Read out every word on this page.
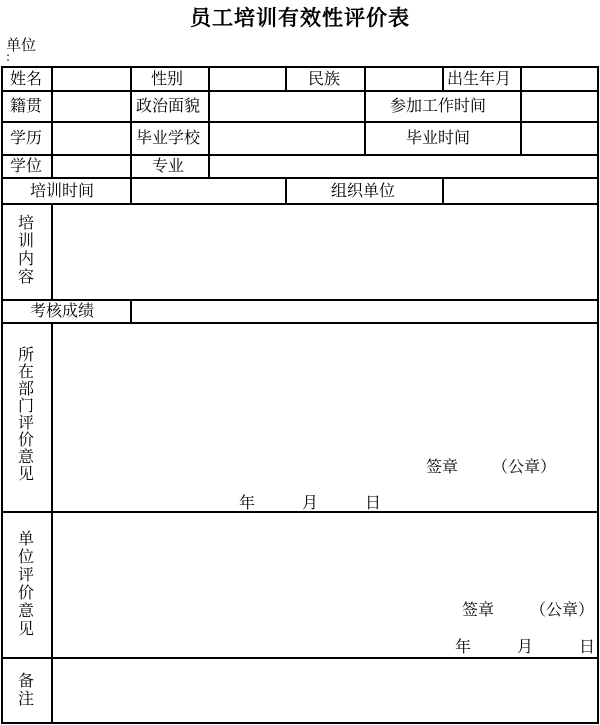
员工培训有效性评价表
单位
:
姓名	性别	民族	出生年月
籍贯	政治面貌	参加工作时间
学历	毕业学校	毕业时间
学位	专业
培训时间	组织单位
培训内容
考核成绩
所在部门评价意见	签章 （公章）
年	月	日
单位评价意见
签章 （公章）
年	月	日
备注
